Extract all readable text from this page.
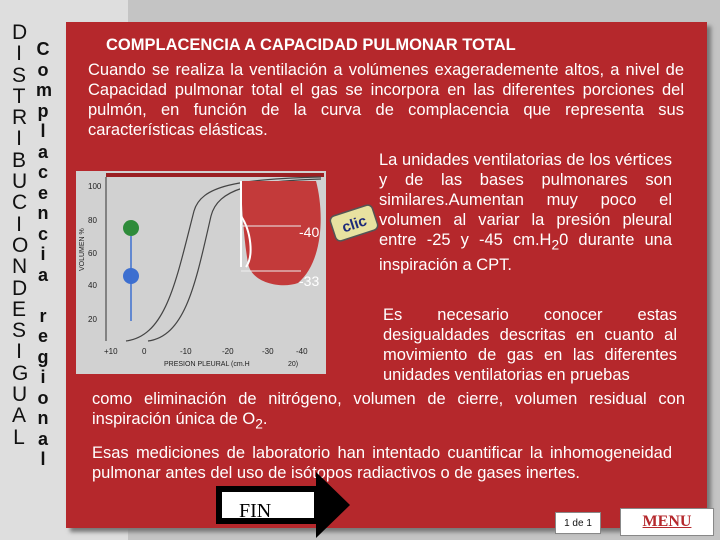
D
I
S
T
R
I
B
U
C
I
O
N
D
E
S
I
G
U
A
L
C
o
m
p
l
a
c
e
n
c
i
a
r
e
g
i
o
n
a
l
COMPLACENCIA A CAPACIDAD PULMONAR TOTAL
Cuando se realiza la ventilación a volúmenes exagerademente altos, a nivel de Capacidad pulmonar total el gas se incorpora en las diferentes porciones del pulmón, en función de la curva de complacencia que representa sus características elásticas.
100
80
60
40
20
VOLUMEN %
+10	0	-10	-20	-30	-40
PRESION PLEURAL (cm.H	20)
-40
-33
clic
La unidades ventilatorias de los vértices y de las bases pulmonares son similares.Aumentan muy poco el volumen al variar la presión pleural entre -25 y -45 $cm.H_20$ durante una inspiración a CPT.
Es necesario conocer estas desigualdades descritas en cuanto al movimiento de gas en las diferentes unidades ventilatorias en pruebas
como eliminación de nitrógeno, volumen de cierre, volumen residual con inspiración única de $O_2$.
Esas mediciones de laboratorio han intentado cuantificar la inhomogeneidad pulmonar antes del uso de isótopos radiactivos o de gases inertes.
FIN
1 de 1	MENU
